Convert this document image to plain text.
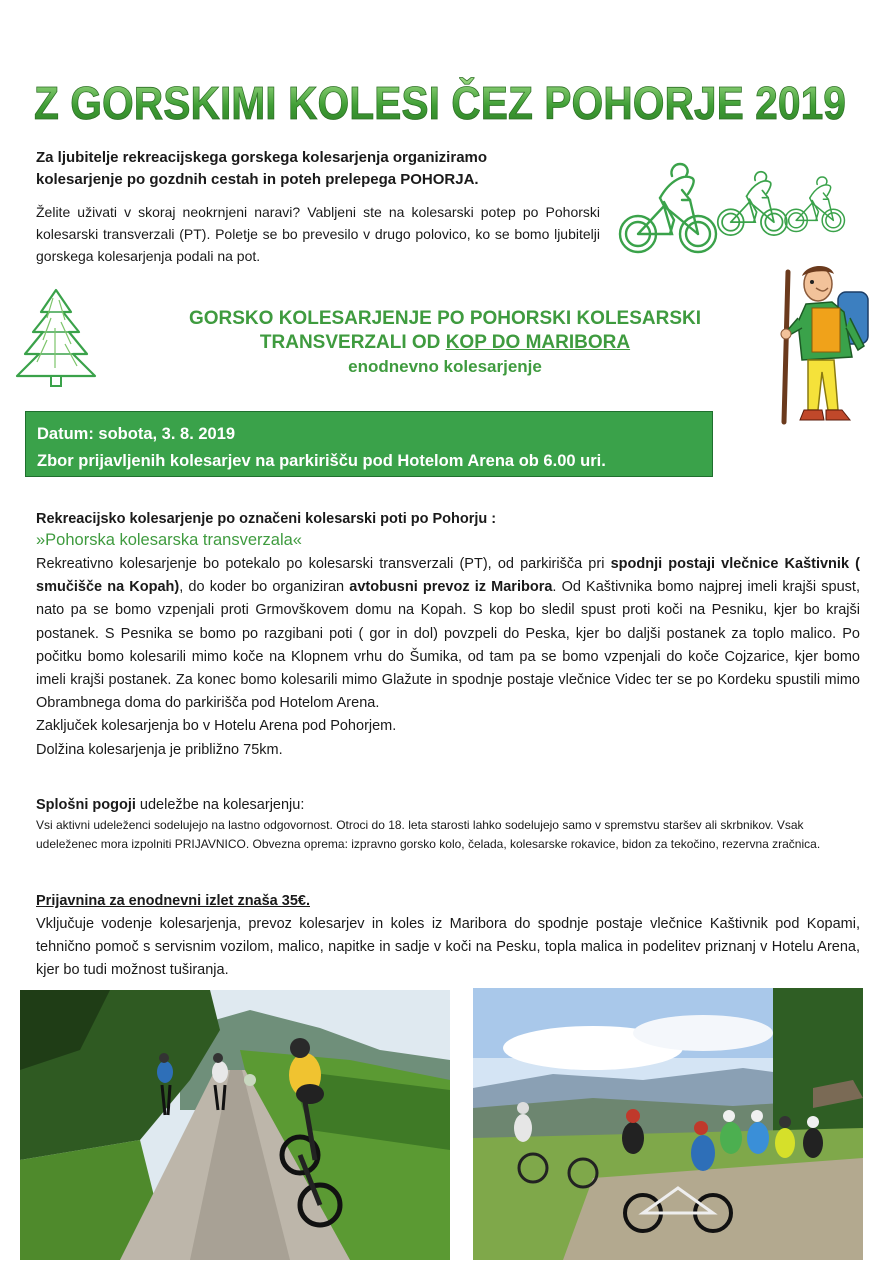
Z GORSKIMI KOLESI ČEZ POHORJE 2019
Za ljubitelje rekreacijskega gorskega kolesarjenja organiziramo
kolesarjenje po gozdnih cestah in poteh prelepega POHORJA.
Želite uživati v skoraj neokrnjeni naravi? Vabljeni ste na kolesarski potep po Pohorski kolesarski transverzali (PT). Poletje se bo prevesilo v drugo polovico, ko se bomo ljubitelji gorskega kolesarjenja podali na pot.
GORSKO KOLESARJENJE PO POHORSKI KOLESARSKI
TRANSVERZALI OD KOP DO MARIBORA
enodnevno kolesarjenje
Datum: sobota, 3. 8. 2019
Zbor prijavljenih kolesarjev na parkirišču pod Hotelom Arena ob 6.00 uri.
Rekreacijsko kolesarjenje po označeni kolesarski poti po Pohorju :
»Pohorska kolesarska transverzala«
Rekreativno kolesarjenje bo potekalo po kolesarski transverzali (PT), od parkirišča pri spodnji postaji vlečnice Kaštivnik ( smučišče na Kopah), do koder bo organiziran avtobusni prevoz iz Maribora. Od Kaštivnika bomo najprej imeli krajši spust, nato pa se bomo vzpenjali proti Grmovškovem domu na Kopah. S kop bo sledil spust proti koči na Pesniku, kjer bo krajši postanek. S Pesnika se bomo po razgibani poti ( gor in dol) povzpeli do Peska, kjer bo daljši postanek za toplo malico. Po počitku bomo kolesarili mimo koče na Klopnem vrhu do Šumika, od tam pa se bomo vzpenjali do koče Cojzarice, kjer bomo imeli krajši postanek. Za konec bomo kolesarili mimo Glažute in spodnje postaje vlečnice Videc ter se po Kordeku spustili mimo Obrambnega doma do parkirišča pod Hotelom Arena.
Zaključek kolesarjenja bo v Hotelu Arena pod Pohorjem.
Dolžina kolesarjenja je približno 75km.
Splošni pogoji udeležbe na kolesarjenju:
Vsi aktivni udeleženci sodelujejo na lastno odgovornost. Otroci do 18. leta starosti lahko sodelujejo samo v spremstvu staršev ali skrbnikov. Vsak udeleženec mora izpolniti PRIJAVNICO. Obvezna oprema: izpravno gorsko kolo, čelada, kolesarske rokavice, bidon za tekočino, rezervna zračnica.
Prijavnina za enodnevni izlet znaša 35€.
Vključuje vodenje kolesarjenja, prevoz kolesarjev in koles iz Maribora do spodnje postaje vlečnice Kaštivnik pod Kopami, tehnično pomoč s servisnim vozilom, malico, napitke in sadje v koči na Pesku, topla malica in podelitev priznanj v Hotelu Arena, kjer bo tudi možnost tuširanja.
